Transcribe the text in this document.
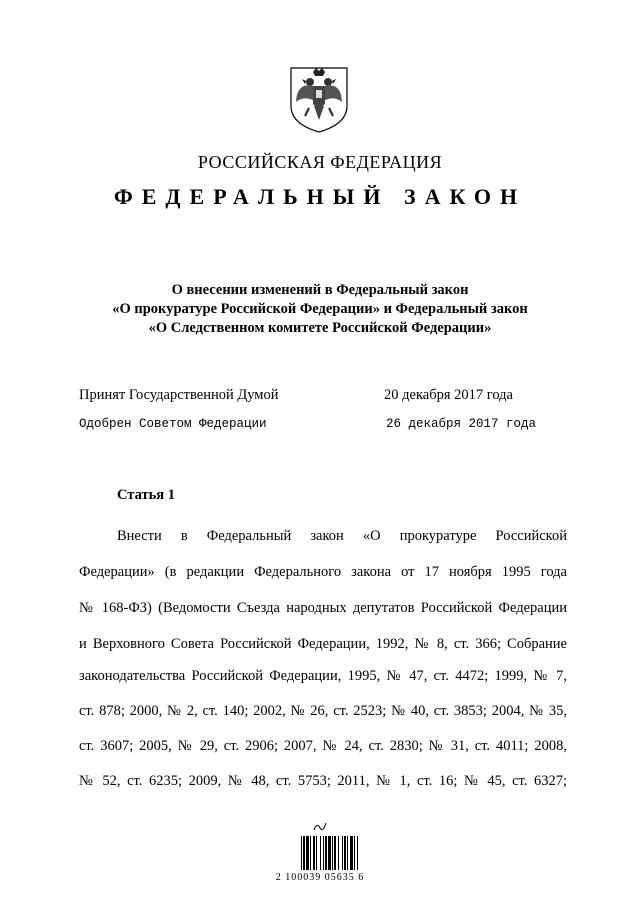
РОССИЙСКАЯ ФЕДЕРАЦИЯ
ФЕДЕРАЛЬНЫЙ ЗАКОН
О внесении изменений в Федеральный закон
«О прокуратуре Российской Федерации» и Федеральный закон
«О Следственном комитете Российской Федерации»
Принят Государственной Думой	20 декабря 2017 года
Одобрен Советом Федерации	26 декабря 2017 года
Статья 1
Внести в Федеральный закон «О прокуратуре Российской
Федерации» (в редакции Федерального закона от 17 ноября 1995 года
№ 168-ФЗ) (Ведомости Съезда народных депутатов Российской Федерации
и Верховного Совета Российской Федерации, 1992, № 8, ст. 366; Собрание
законодательства Российской Федерации, 1995, № 47, ст. 4472; 1999, № 7,
ст. 878; 2000, № 2, ст. 140; 2002, № 26, ст. 2523; № 40, ст. 3853; 2004, № 35,
ст. 3607; 2005, № 29, ст. 2906; 2007, № 24, ст. 2830; № 31, ст. 4011; 2008,
№ 52, ст. 6235; 2009, № 48, ст. 5753; 2011, № 1, ст. 16; № 45, ст. 6327;
2 100039 05635 6
